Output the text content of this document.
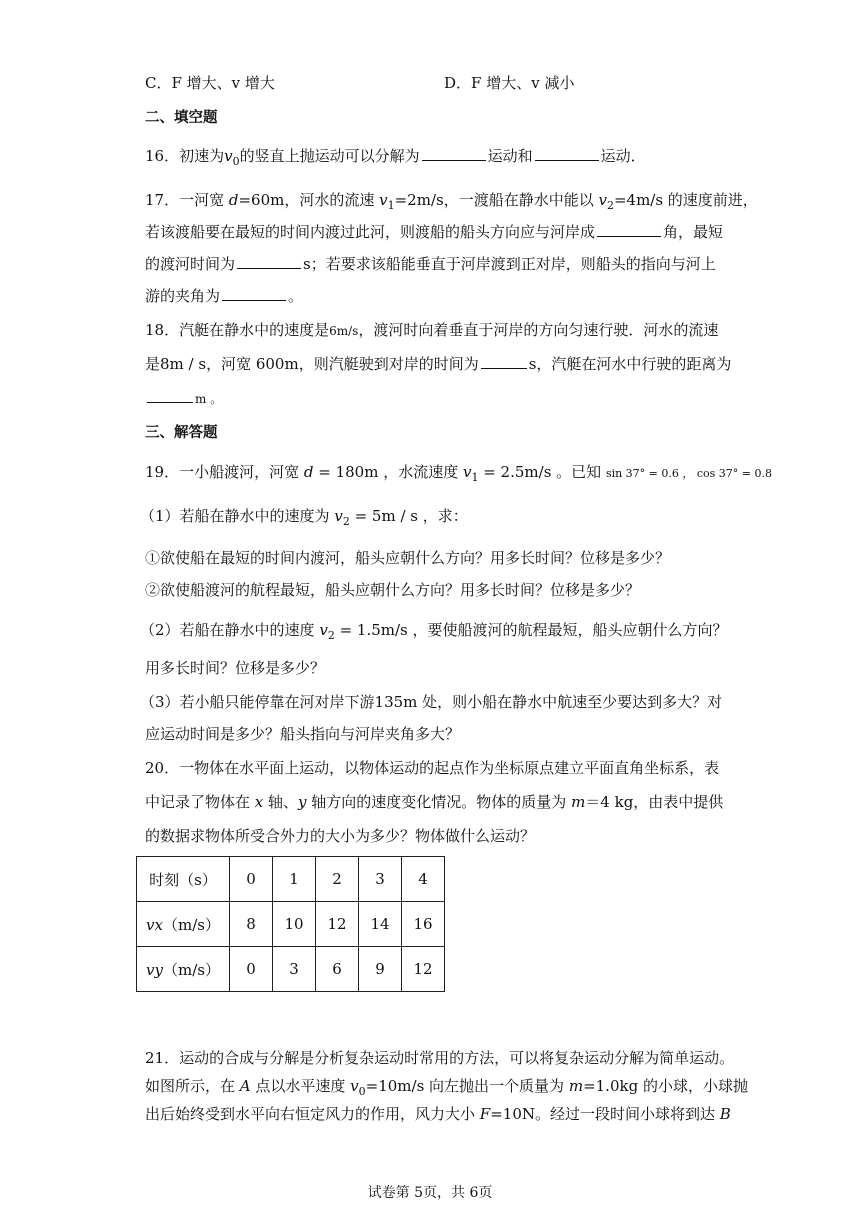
C．F 增大、v 增大	D．F 增大、v 减小
二、填空题
16．初速为$v_0$的竖直上抛运动可以分解为	运动和	运动．
17．一河宽 d=60m，河水的流速 $v_1=2m/s$，一渡船在静水中能以 $v_2=4m/s$ 的速度前进，
若该渡船要在最短的时间内渡过此河，则渡船的船头方向应与河岸成	角，最短
的渡河时间为	s；若要求该船能垂直于河岸渡到正对岸，则船头的指向与河上
游的夹角为	。
18．汽艇在静水中的速度是6m/s，渡河时向着垂直于河岸的方向匀速行驶．河水的流速
是8m / s，河宽 600m，则汽艇驶到对岸的时间为	s，汽艇在河水中行驶的距离为
m 。
三、解答题
19．一小船渡河，河宽 d = 180m ，水流速度 $v_1 = 2.5m/s$ 。已知 sin 37° = 0.6 ， cos 37° = 0.8
（1）若船在静水中的速度为 $v_2 = 5m / s$ ，求：
①欲使船在最短的时间内渡河，船头应朝什么方向？用多长时间？位移是多少？
②欲使船渡河的航程最短，船头应朝什么方向？用多长时间？位移是多少？
（2）若船在静水中的速度 $v_2 = 1.5m/s$ ，要使船渡河的航程最短，船头应朝什么方向？
用多长时间？位移是多少？
（3）若小船只能停靠在河对岸下游135m 处，则小船在静水中航速至少要达到多大？对
应运动时间是多少？船头指向与河岸夹角多大？
20．一物体在水平面上运动，以物体运动的起点作为坐标原点建立平面直角坐标系，表
中记录了物体在 x 轴、y 轴方向的速度变化情况。物体的质量为 m＝4 kg，由表中提供
的数据求物体所受合外力的大小为多少？物体做什么运动？
时刻（s）	0	1	2	3	4
vx（m/s）	8	10	12	14	16
vy（m/s）	0	3	6	9	12
21．运动的合成与分解是分析复杂运动时常用的方法，可以将复杂运动分解为简单运动。
如图所示，在 A 点以水平速度 $v_0=10m/s$ 向左抛出一个质量为 m=1.0kg 的小球，小球抛
出后始终受到水平向右恒定风力的作用，风力大小 F=10N。经过一段时间小球将到达 B
试卷第 5页，共 6页
